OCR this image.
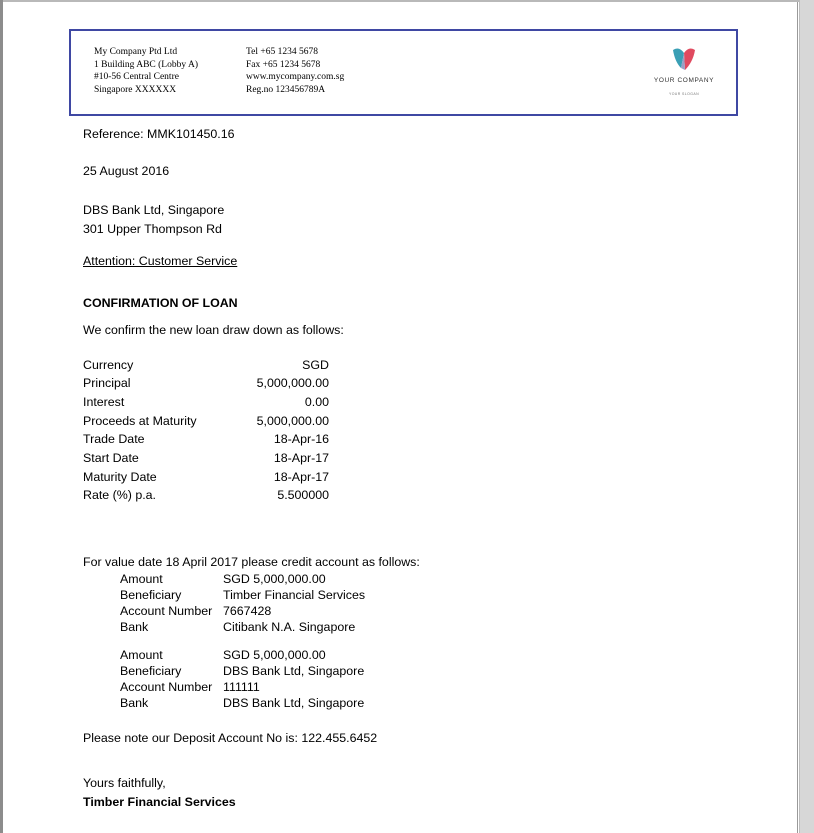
My Company Ptd Ltd
1 Building ABC (Lobby A)
#10-56 Central Centre
Singapore XXXXXX
Tel +65 1234 5678
Fax +65 1234 5678
www.mycompany.com.sg
Reg.no 123456789A
YOUR COMPANY
YOUR SLOGAN
Reference: MMK101450.16
25 August 2016
DBS Bank Ltd, Singapore
301 Upper Thompson Rd
Attention: Customer Service
CONFIRMATION OF LOAN
We confirm the new loan draw down as follows:
Currency	SGD
Principal	5,000,000.00
Interest	0.00
Proceeds at Maturity	5,000,000.00
Trade Date	18-Apr-16
Start Date	18-Apr-17
Maturity Date	18-Apr-17
Rate (%) p.a.	5.500000
For value date 18 April 2017 please credit account as follows:
Amount	SGD 5,000,000.00
Beneficiary	Timber Financial Services
Account Number 7667428
Bank	Citibank N.A. Singapore
Amount	SGD 5,000,000.00
Beneficiary	DBS Bank Ltd, Singapore
Account Number 111111
Bank	DBS Bank Ltd, Singapore
Please note our Deposit Account No is: 122.455.6452
Yours faithfully,
Timber Financial Services
